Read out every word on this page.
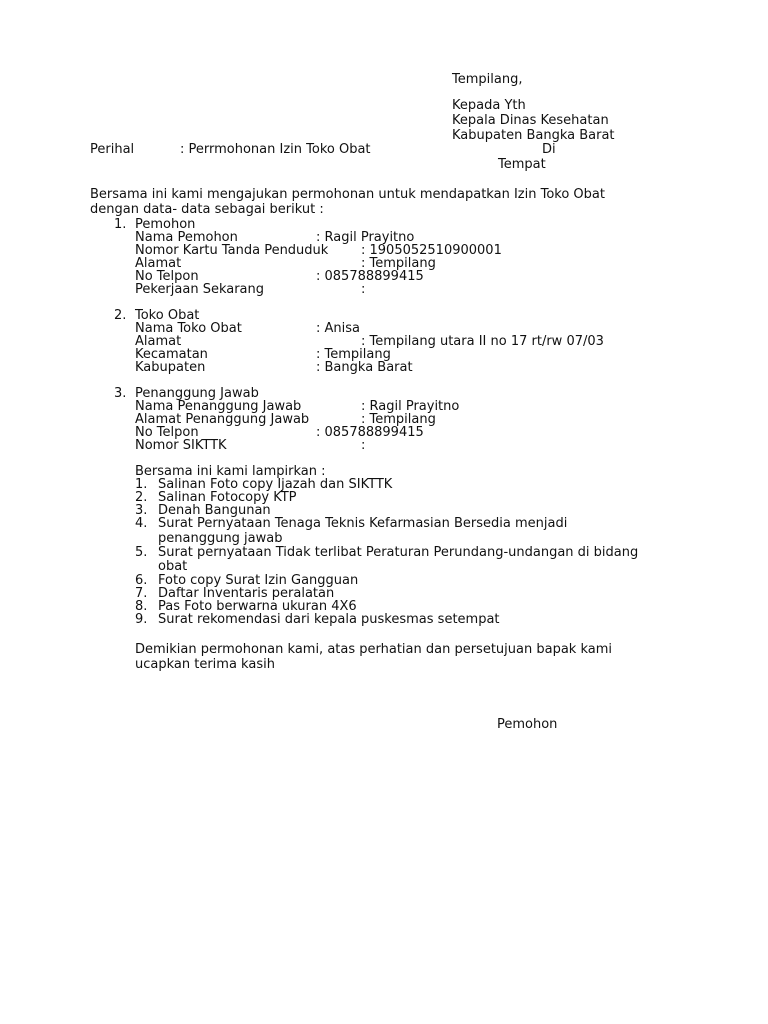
Tempilang,
Kepada Yth
Kepala Dinas Kesehatan
Kabupaten Bangka Barat
Di
Tempat
Perihal	: Perrmohonan Izin Toko Obat
Bersama ini kami mengajukan permohonan untuk mendapatkan Izin Toko Obat
dengan data- data sebagai berikut :
1. Pemohon
Nama Pemohon	: Ragil Prayitno
Nomor Kartu Tanda Penduduk	: 1905052510900001
Alamat	: Tempilang
No Telpon	: 085788899415
Pekerjaan Sekarang	:
2. Toko Obat
Nama Toko Obat	: Anisa
Alamat	: Tempilang utara II no 17 rt/rw 07/03
Kecamatan	: Tempilang
Kabupaten	: Bangka Barat
3. Penanggung Jawab
Nama Penanggung Jawab	: Ragil Prayitno
Alamat Penanggung Jawab	: Tempilang
No Telpon	: 085788899415
Nomor SIKTTK	:
Bersama ini kami lampirkan :
1. Salinan Foto copy Ijazah dan SIKTTK
2. Salinan Fotocopy KTP
3. Denah Bangunan
4. Surat Pernyataan Tenaga Teknis Kefarmasian Bersedia menjadi
penanggung jawab
5. Surat pernyataan Tidak terlibat Peraturan Perundang-undangan di bidang
obat
6. Foto copy Surat Izin Gangguan
7. Daftar Inventaris peralatan
8. Pas Foto berwarna ukuran 4X6
9. Surat rekomendasi dari kepala puskesmas setempat
Demikian permohonan kami, atas perhatian dan persetujuan bapak kami
ucapkan terima kasih
Pemohon
